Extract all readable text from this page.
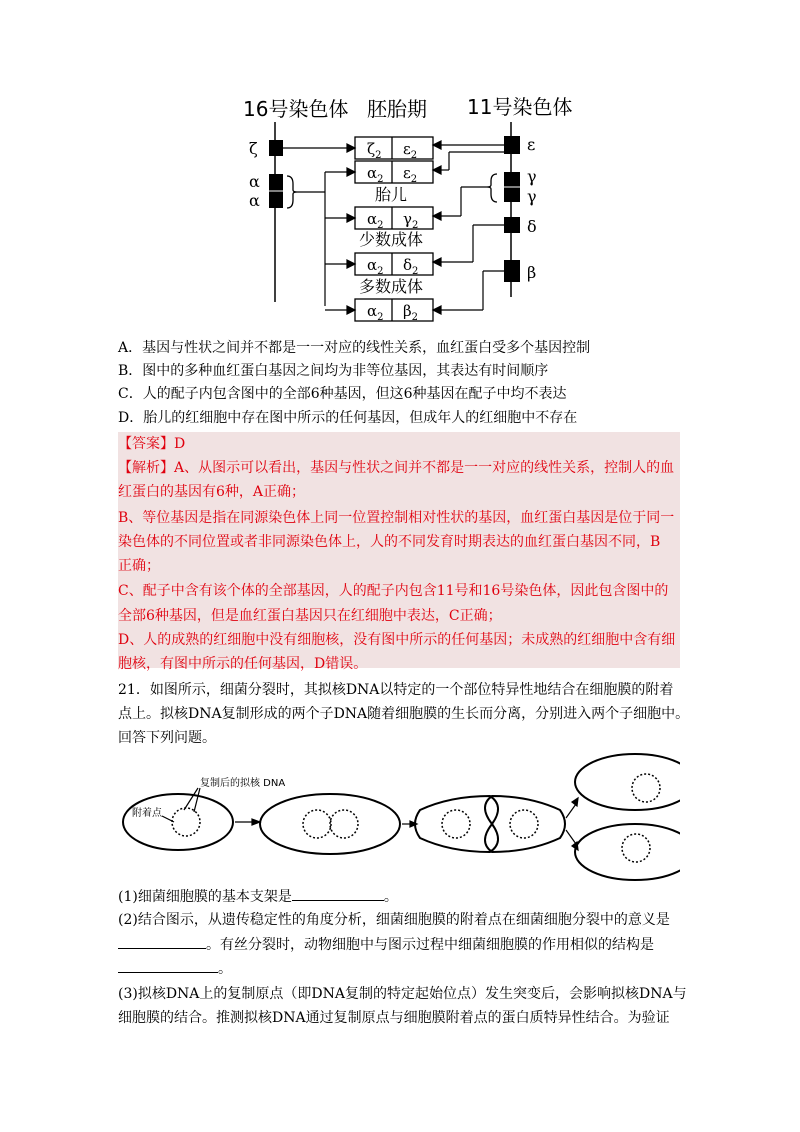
16号染色体 胚胎期 11号染色体
ζ
α
α
ε
γ
γ
δ
β
胎儿
少数成体
多数成体
$\zeta_2$ $\varepsilon_2$
$\alpha_2$ $\varepsilon_2$
$\alpha_2$ $\gamma_2$
$\alpha_2$ $\delta_2$
$\alpha_2$ $\beta_2$
A．基因与性状之间并不都是一一对应的线性关系，血红蛋白受多个基因控制
B．图中的多种血红蛋白基因之间均为非等位基因，其表达有时间顺序
C．人的配子内包含图中的全部6种基因，但这6种基因在配子中均不表达
D．胎儿的红细胞中存在图中所示的任何基因，但成年人的红细胞中不存在
【答案】D
【解析】A、从图示可以看出，基因与性状之间并不都是一一对应的线性关系，控制人的血
红蛋白的基因有6种，A正确；
B、等位基因是指在同源染色体上同一位置控制相对性状的基因，血红蛋白基因是位于同一
染色体的不同位置或者非同源染色体上，人的不同发育时期表达的血红蛋白基因不同，B
正确；
C、配子中含有该个体的全部基因，人的配子内包含11号和16号染色体，因此包含图中的
全部6种基因，但是血红蛋白基因只在红细胞中表达，C正确；
D、人的成熟的红细胞中没有细胞核，没有图中所示的任何基因；未成熟的红细胞中含有细
胞核，有图中所示的任何基因，D错误。
21．如图所示，细菌分裂时，其拟核DNA以特定的一个部位特异性地结合在细胞膜的附着
点上。拟核DNA复制形成的两个子DNA随着细胞膜的生长而分离，分别进入两个子细胞中。
回答下列问题。
复制后的拟核 DNA
附着点
(1)细菌细胞膜的基本支架是	。
(2)结合图示，从遗传稳定性的角度分析，细菌细胞膜的附着点在细菌细胞分裂中的意义是
。有丝分裂时，动物细胞中与图示过程中细菌细胞膜的作用相似的结构是
。
(3)拟核DNA上的复制原点（即DNA复制的特定起始位点）发生突变后，会影响拟核DNA与
细胞膜的结合。推测拟核DNA通过复制原点与细胞膜附着点的蛋白质特异性结合。为验证
